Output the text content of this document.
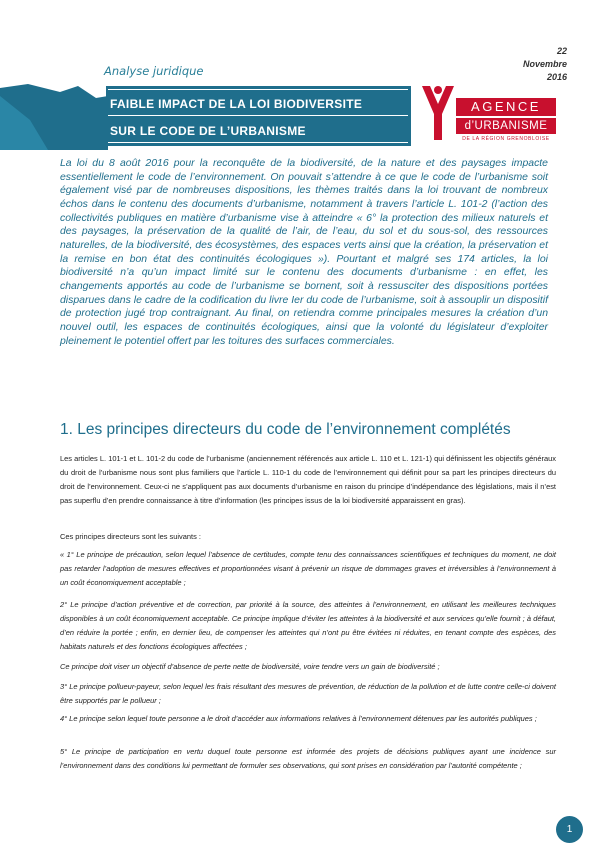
Analyse juridique
22
Novembre
2016
FAIBLE IMPACT DE LA LOI BIODIVERSITE
SUR LE CODE DE L’URBANISME
AGENCE
d’URBANISME
DE LA RÉGION GRENOBLOISE

La loi du 8 août 2016 pour la reconquête de la biodiversité, de la nature et des paysages impacte essentiellement le code de l’environnement. On pouvait s’attendre à ce que le code de l’urbanisme soit également visé par de nombreuses dispositions, les thèmes traités dans la loi trouvant de nombreux échos dans le contenu des documents d’urbanisme, notamment à travers l’article L. 101-2 (l’action des collectivités publiques en matière d’urbanisme vise à atteindre « 6° la protection des milieux naturels et des paysages, la préservation de la qualité de l’air, de l’eau, du sol et du sous-sol, des ressources naturelles, de la biodiversité, des écosystèmes, des espaces verts ainsi que la création, la préservation et la remise en bon état des continuités écologiques »). Pourtant et malgré ses 174 articles, la loi biodiversité n’a qu’un impact limité sur le contenu des documents d’urbanisme : en effet, les changements apportés au code de l’urbanisme se bornent, soit à ressusciter des dispositions portées disparues dans le cadre de la codification du livre Ier du code de l’urbanisme, soit à assouplir un dispositif de protection jugé trop contraignant. Au final, on retiendra comme principales mesures la création d’un nouvel outil, les espaces de continuités écologiques, ainsi que la volonté du législateur d’exploiter pleinement le potentiel offert par les toitures des surfaces commerciales.

1. Les principes directeurs du code de l’environnement complétés

Les articles L. 101-1 et L. 101-2 du code de l’urbanisme (anciennement référencés aux article L. 110 et L. 121-1) qui définissent les objectifs généraux du droit de l’urbanisme nous sont plus familiers que l’article L. 110-1 du code de l’environnement qui définit pour sa part les principes directeurs du droit de l’environnement. Ceux-ci ne s’appliquent pas aux documents d’urbanisme en raison du principe d’indépendance des législations, mais il n’est pas superflu d’en prendre connaissance à titre d’information (les principes issus de la loi biodiversité apparaissent en gras).

Ces principes directeurs sont les suivants :

« 1° Le principe de précaution, selon lequel l’absence de certitudes, compte tenu des connaissances scientifiques et techniques du moment, ne doit pas retarder l’adoption de mesures effectives et proportionnées visant à prévenir un risque de dommages graves et irréversibles à l’environnement à un coût économiquement acceptable ;

2° Le principe d’action préventive et de correction, par priorité à la source, des atteintes à l’environnement, en utilisant les meilleures techniques disponibles à un coût économiquement acceptable. Ce principe implique d’éviter les atteintes à la biodiversité et aux services qu’elle fournit ; à défaut, d’en réduire la portée ; enfin, en dernier lieu, de compenser les atteintes qui n’ont pu être évitées ni réduites, en tenant compte des espèces, des habitats naturels et des fonctions écologiques affectées ;

Ce principe doit viser un objectif d’absence de perte nette de biodiversité, voire tendre vers un gain de biodiversité ;

3° Le principe pollueur-payeur, selon lequel les frais résultant des mesures de prévention, de réduction de la pollution et de lutte contre celle-ci doivent être supportés par le pollueur ;

4° Le principe selon lequel toute personne a le droit d’accéder aux informations relatives à l’environnement détenues par les autorités publiques ;

5° Le principe de participation en vertu duquel toute personne est informée des projets de décisions publiques ayant une incidence sur l’environnement dans des conditions lui permettant de formuler ses observations, qui sont prises en considération par l’autorité compétente ;

1
